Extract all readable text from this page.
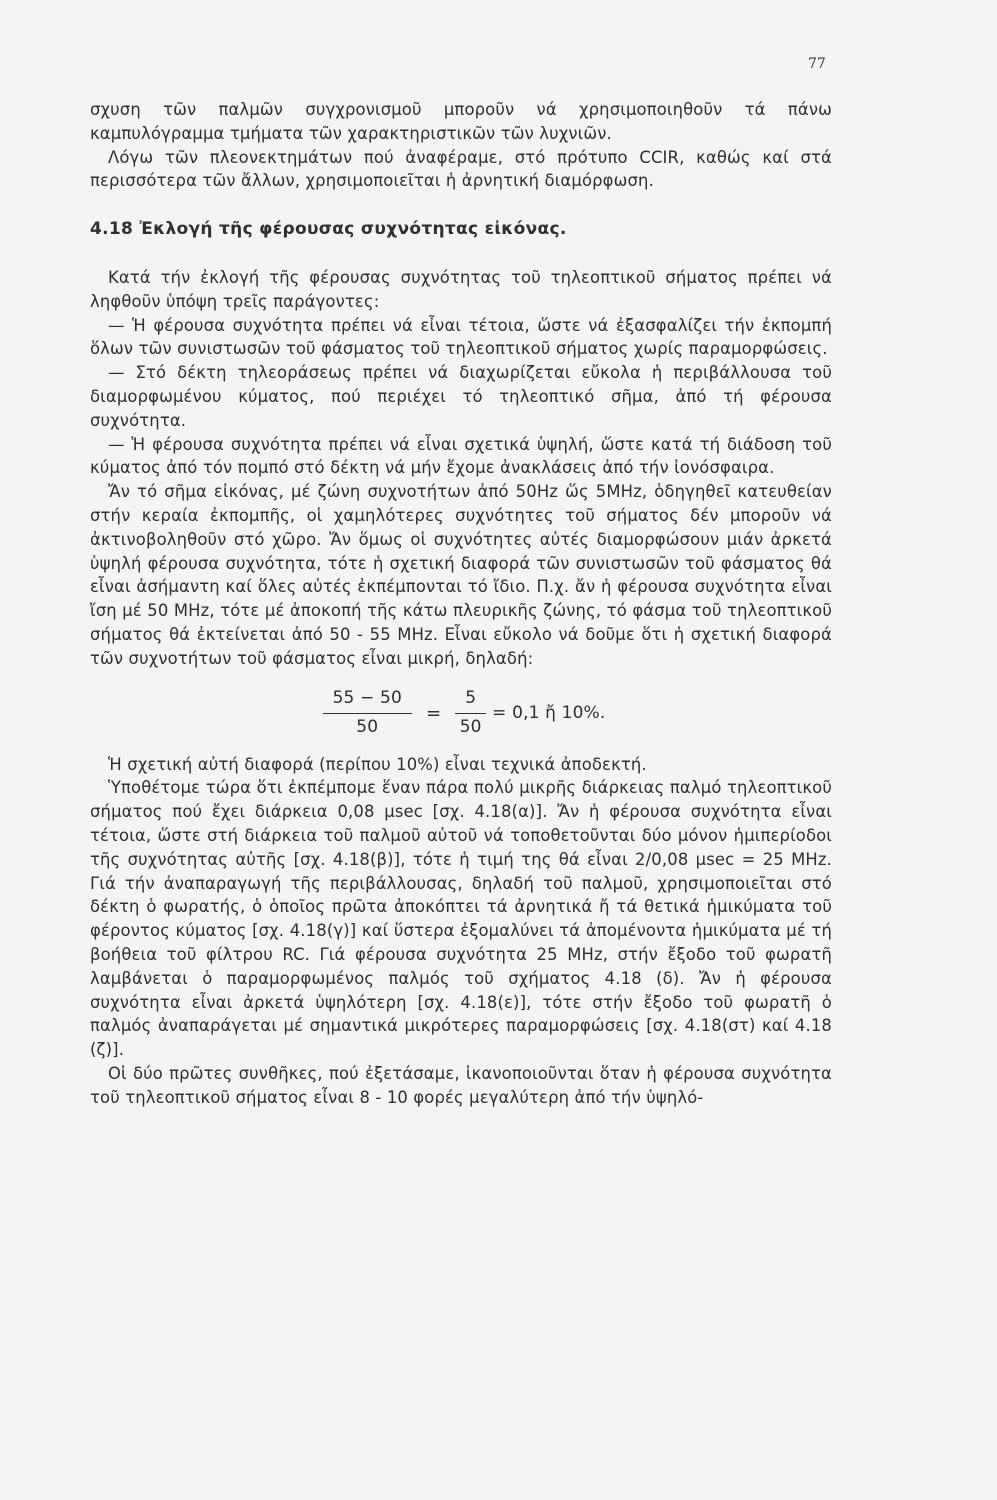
77

σχυση τῶν παλμῶν συγχρονισμοῦ μποροῦν νά χρησιμοποιηθοῦν τά πάνω καμπυλόγραμμα τμήματα τῶν χαρακτηριστικῶν τῶν λυχνιῶν.

Λόγω τῶν πλεονεκτημάτων πού ἀναφέραμε, στό πρότυπο CCIR, καθώς καί στά περισσότερα τῶν ἄλλων, χρησιμοποιεῖται ἡ ἀρνητική διαμόρφωση.

4.18 Ἐκλογή τῆς φέρουσας συχνότητας εἰκόνας.

Κατά τήν ἐκλογή τῆς φέρουσας συχνότητας τοῦ τηλεοπτικοῦ σήματος πρέπει νά ληφθοῦν ὑπόψη τρεῖς παράγοντες:

— Ἡ φέρουσα συχνότητα πρέπει νά εἶναι τέτοια, ὥστε νά ἐξασφαλίζει τήν ἐκπομπή ὅλων τῶν συνιστωσῶν τοῦ φάσματος τοῦ τηλεοπτικοῦ σήματος χωρίς παραμορφώσεις.

— Στό δέκτη τηλεοράσεως πρέπει νά διαχωρίζεται εὔκολα ἡ περιβάλλουσα τοῦ διαμορφωμένου κύματος, πού περιέχει τό τηλεοπτικό σῆμα, ἀπό τή φέρουσα συχνότητα.

— Ἡ φέρουσα συχνότητα πρέπει νά εἶναι σχετικά ὑψηλή, ὥστε κατά τή διάδοση τοῦ κύματος ἀπό τόν πομπό στό δέκτη νά μήν ἔχομε ἀνακλάσεις ἀπό τήν ἰονόσφαιρα.

Ἄν τό σῆμα εἰκόνας, μέ ζώνη συχνοτήτων ἀπό 50Hz ὥς 5MHz, ὁδηγηθεῖ κατευθείαν στήν κεραία ἐκπομπῆς, οἱ χαμηλότερες συχνότητες τοῦ σήματος δέν μποροῦν νά ἀκτινοβοληθοῦν στό χῶρο. Ἄν ὅμως οἱ συχνότητες αὐτές διαμορφώσουν μιάν ἀρκετά ὑψηλή φέρουσα συχνότητα, τότε ἡ σχετική διαφορά τῶν συνιστωσῶν τοῦ φάσματος θά εἶναι ἀσήμαντη καί ὅλες αὐτές ἐκπέμπονται τό ἴδιο. Π.χ. ἄν ἡ φέρουσα συχνότητα εἶναι ἴση μέ 50 MHz, τότε μέ ἀποκοπή τῆς κάτω πλευρικῆς ζώνης, τό φάσμα τοῦ τηλεοπτικοῦ σήματος θά ἐκτείνεται ἀπό 50 - 55 MHz. Εἶναι εὔκολο νά δοῦμε ὅτι ἡ σχετική διαφορά τῶν συχνοτήτων τοῦ φάσματος εἶναι μικρή, δηλαδή:

$\frac{55 - 50}{50} = \frac{5}{50} = 0,1$ ἤ 10%.

Ἡ σχετική αὐτή διαφορά (περίπου 10%) εἶναι τεχνικά ἀποδεκτή.

Ὑποθέτομε τώρα ὅτι ἐκπέμπομε ἕναν πάρα πολύ μικρῆς διάρκειας παλμό τηλεοπτικοῦ σήματος πού ἔχει διάρκεια 0,08 μsec [σχ. 4.18(α)]. Ἄν ἡ φέρουσα συχνότητα εἶναι τέτοια, ὥστε στή διάρκεια τοῦ παλμοῦ αὐτοῦ νά τοποθετοῦνται δύο μόνον ἡμιπερίοδοι τῆς συχνότητας αὐτῆς [σχ. 4.18(β)], τότε ἡ τιμή της θά εἶναι 2/0,08 μsec = 25 MHz. Γιά τήν ἀναπαραγωγή τῆς περιβάλλουσας, δηλαδή τοῦ παλμοῦ, χρησιμοποιεῖται στό δέκτη ὁ φωρατής, ὁ ὁποῖος πρῶτα ἀποκόπτει τά ἀρνητικά ἤ τά θετικά ἡμικύματα τοῦ φέροντος κύματος [σχ. 4.18(γ)] καί ὕστερα ἐξομαλύνει τά ἀπομένοντα ἡμικύματα μέ τή βοήθεια τοῦ φίλτρου RC. Γιά φέρουσα συχνότητα 25 MHz, στήν ἔξοδο τοῦ φωρατῆ λαμβάνεται ὁ παραμορφωμένος παλμός τοῦ σχήματος 4.18 (δ). Ἄν ἡ φέρουσα συχνότητα εἶναι ἀρκετά ὑψηλότερη [σχ. 4.18(ε)], τότε στήν ἔξοδο τοῦ φωρατῆ ὁ παλμός ἀναπαράγεται μέ σημαντικά μικρότερες παραμορφώσεις [σχ. 4.18(στ) καί 4.18 (ζ)].

Οἱ δύο πρῶτες συνθῆκες, πού ἐξετάσαμε, ἱκανοποιοῦνται ὅταν ἡ φέρουσα συχνότητα τοῦ τηλεοπτικοῦ σήματος εἶναι 8 - 10 φορές μεγαλύτερη ἀπό τήν ὑψηλό-
